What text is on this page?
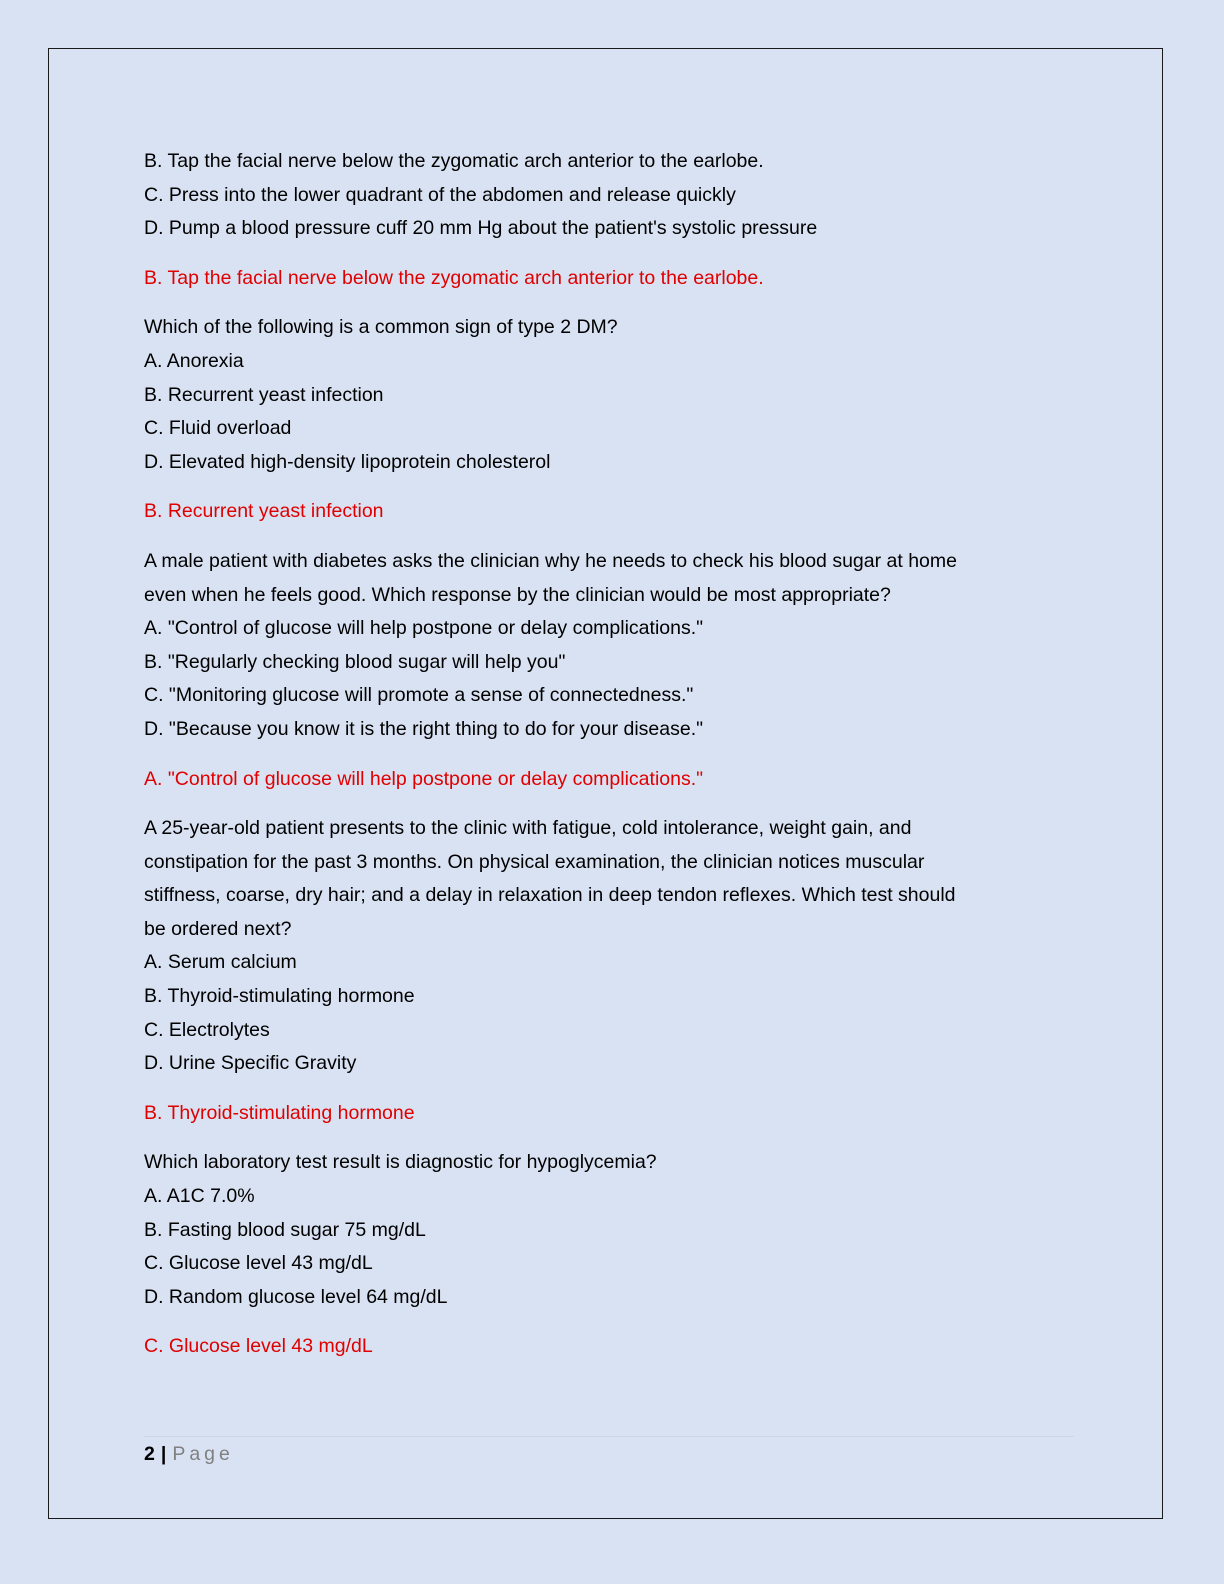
B. Tap the facial nerve below the zygomatic arch anterior to the earlobe.
C. Press into the lower quadrant of the abdomen and release quickly
D. Pump a blood pressure cuff 20 mm Hg about the patient's systolic pressure
B. Tap the facial nerve below the zygomatic arch anterior to the earlobe.
Which of the following is a common sign of type 2 DM?
A. Anorexia
B. Recurrent yeast infection
C. Fluid overload
D. Elevated high-density lipoprotein cholesterol
B. Recurrent yeast infection
A male patient with diabetes asks the clinician why he needs to check his blood sugar at home
even when he feels good. Which response by the clinician would be most appropriate?
A. "Control of glucose will help postpone or delay complications."
B. "Regularly checking blood sugar will help you"
C. "Monitoring glucose will promote a sense of connectedness."
D. "Because you know it is the right thing to do for your disease."
A. "Control of glucose will help postpone or delay complications."
A 25-year-old patient presents to the clinic with fatigue, cold intolerance, weight gain, and
constipation for the past 3 months. On physical examination, the clinician notices muscular
stiffness, coarse, dry hair; and a delay in relaxation in deep tendon reflexes. Which test should
be ordered next?
A. Serum calcium
B. Thyroid-stimulating hormone
C. Electrolytes
D. Urine Specific Gravity
B. Thyroid-stimulating hormone
Which laboratory test result is diagnostic for hypoglycemia?
A. A1C 7.0%
B. Fasting blood sugar 75 mg/dL
C. Glucose level 43 mg/dL
D. Random glucose level 64 mg/dL
C. Glucose level 43 mg/dL
2 | Page
